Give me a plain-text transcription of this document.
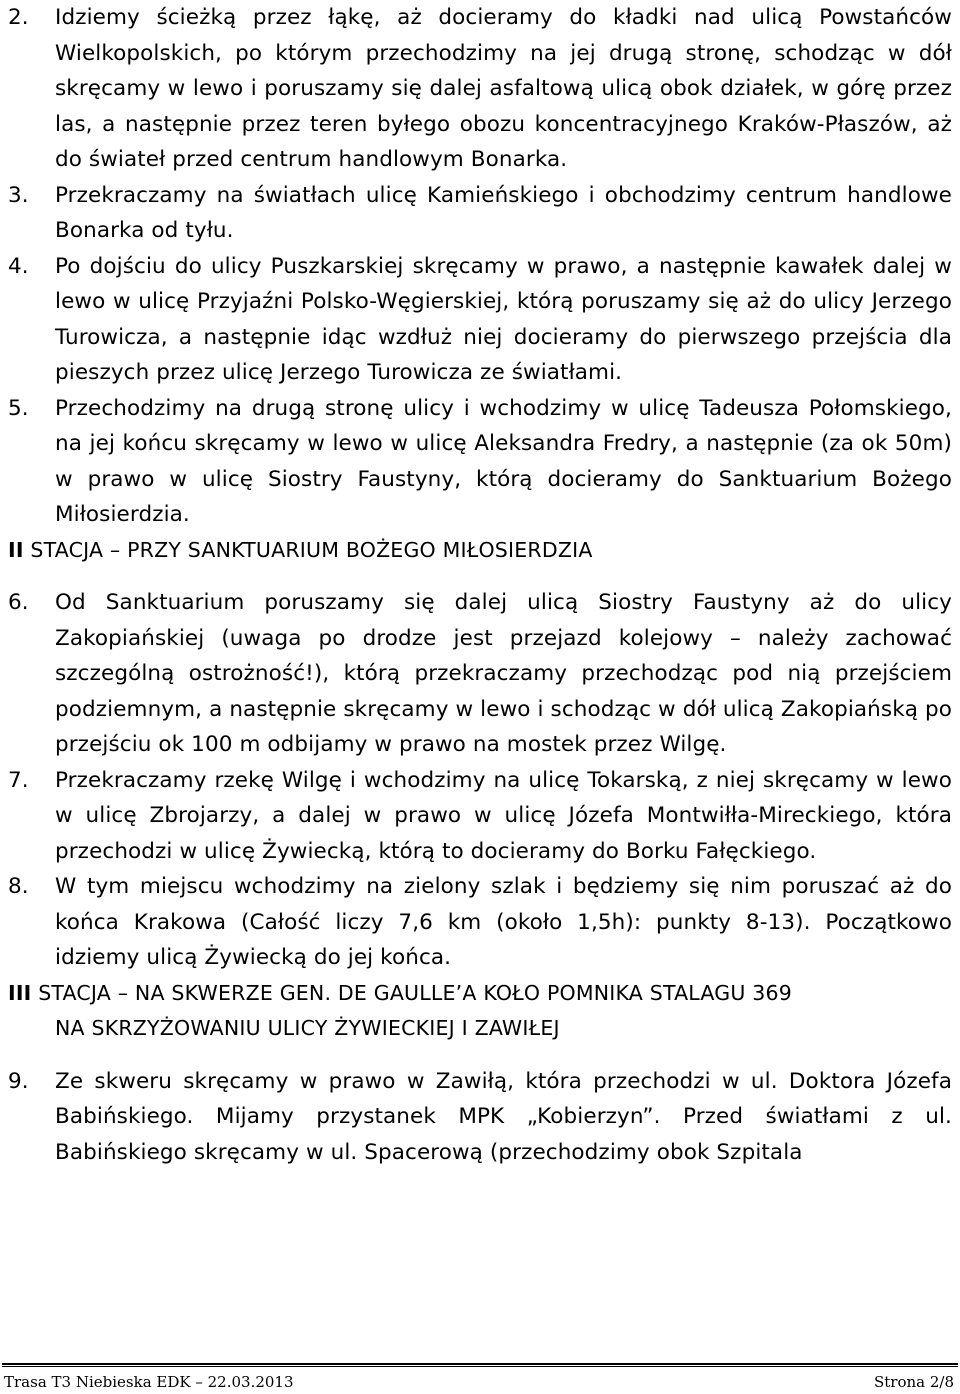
2. Idziemy ścieżką przez łąkę, aż docieramy do kładki nad ulicą Powstańców Wielkopolskich, po którym przechodzimy na jej drugą stronę, schodząc w dół skręcamy w lewo i poruszamy się dalej asfaltową ulicą obok działek, w górę przez las, a następnie przez teren byłego obozu koncentracyjnego Kraków-Płaszów, aż do świateł przed centrum handlowym Bonarka.
3. Przekraczamy na światłach ulicę Kamieńskiego i obchodzimy centrum handlowe Bonarka od tyłu.
4. Po dojściu do ulicy Puszkarskiej skręcamy w prawo, a następnie kawałek dalej w lewo w ulicę Przyjaźni Polsko-Węgierskiej, którą poruszamy się aż do ulicy Jerzego Turowicza, a następnie idąc wzdłuż niej docieramy do pierwszego przejścia dla pieszych przez ulicę Jerzego Turowicza ze światłami.
5. Przechodzimy na drugą stronę ulicy i wchodzimy w ulicę Tadeusza Połomskiego, na jej końcu skręcamy w lewo w ulicę Aleksandra Fredry, a następnie (za ok 50m) w prawo w ulicę Siostry Faustyny, którą docieramy do Sanktuarium Bożego Miłosierdzia.
II STACJA – PRZY SANKTUARIUM BOŻEGO MIŁOSIERDZIA
6. Od Sanktuarium poruszamy się dalej ulicą Siostry Faustyny aż do ulicy Zakopiańskiej (uwaga po drodze jest przejazd kolejowy – należy zachować szczególną ostrożność!), którą przekraczamy przechodząc pod nią przejściem podziemnym, a następnie skręcamy w lewo i schodząc w dół ulicą Zakopiańską po przejściu ok 100 m odbijamy w prawo na mostek przez Wilgę.
7. Przekraczamy rzekę Wilgę i wchodzimy na ulicę Tokarską, z niej skręcamy w lewo w ulicę Zbrojarzy, a dalej w prawo w ulicę Józefa Montwiłła-Mireckiego, która przechodzi w ulicę Żywiecką, którą to docieramy do Borku Fałęckiego.
8. W tym miejscu wchodzimy na zielony szlak i będziemy się nim poruszać aż do końca Krakowa (Całość liczy 7,6 km (około 1,5h): punkty 8-13). Początkowo idziemy ulicą Żywiecką do jej końca.
III STACJA – NA SKWERZE GEN. DE GAULLE’A KOŁO POMNIKA STALAGU 369
NA SKRZYŻOWANIU ULICY ŻYWIECKIEJ I ZAWIŁEJ
9. Ze skweru skręcamy w prawo w Zawiłą, która przechodzi w ul. Doktora Józefa Babińskiego. Mijamy przystanek MPK „Kobierzyn”. Przed światłami z ul. Babińskiego skręcamy w ul. Spacerową (przechodzimy obok Szpitala
Trasa T3 Niebieska EDK – 22.03.2013	Strona 2/8
